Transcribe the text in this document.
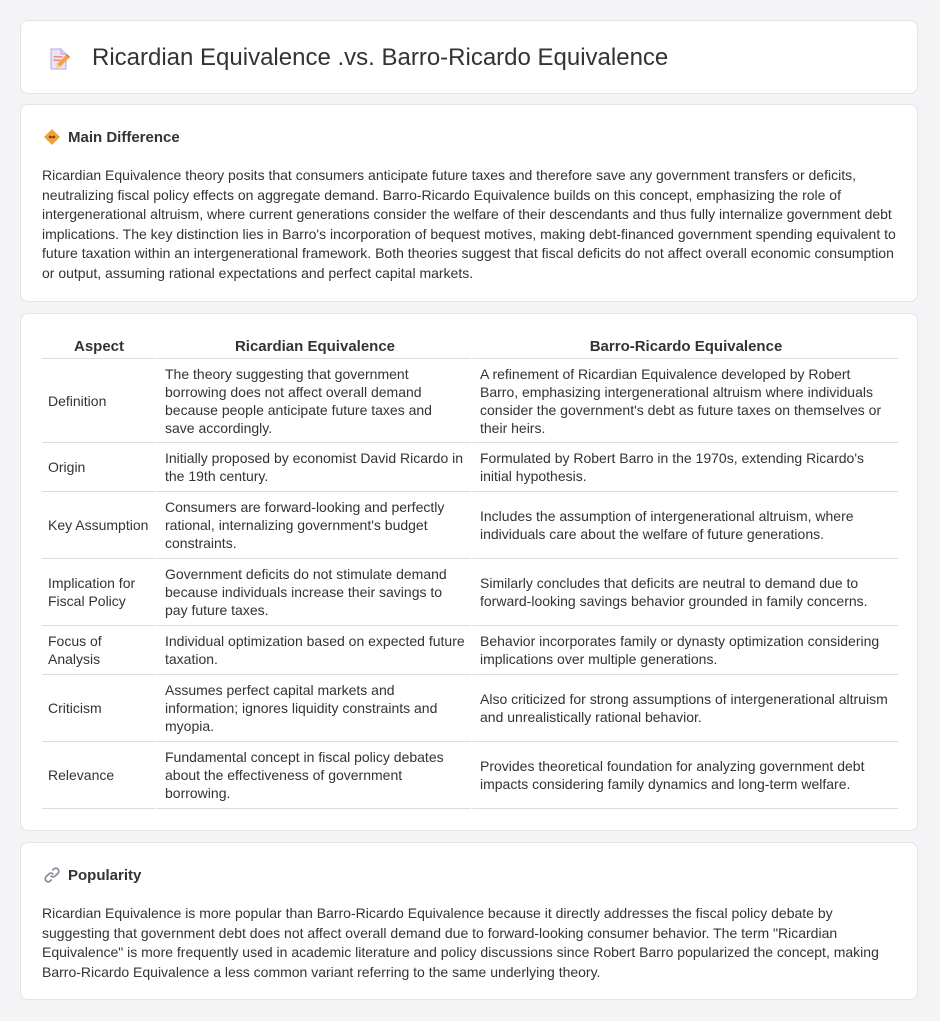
Ricardian Equivalence .vs. Barro-Ricardo Equivalence
Main Difference

Ricardian Equivalence theory posits that consumers anticipate future taxes and therefore save any government transfers or deficits, neutralizing fiscal policy effects on aggregate demand. Barro-Ricardo Equivalence builds on this concept, emphasizing the role of intergenerational altruism, where current generations consider the welfare of their descendants and thus fully internalize government debt implications. The key distinction lies in Barro's incorporation of bequest motives, making debt-financed government spending equivalent to future taxation within an intergenerational framework. Both theories suggest that fiscal deficits do not affect overall economic consumption or output, assuming rational expectations and perfect capital markets.

Aspect	Ricardian Equivalence	Barro-Ricardo Equivalence
Definition	The theory suggesting that government borrowing does not affect overall demand because people anticipate future taxes and save accordingly.	A refinement of Ricardian Equivalence developed by Robert Barro, emphasizing intergenerational altruism where individuals consider the government's debt as future taxes on themselves or their heirs.
Origin	Initially proposed by economist David Ricardo in the 19th century.	Formulated by Robert Barro in the 1970s, extending Ricardo's initial hypothesis.
Key Assumption	Consumers are forward-looking and perfectly rational, internalizing government's budget constraints.	Includes the assumption of intergenerational altruism, where individuals care about the welfare of future generations.
Implication for Fiscal Policy	Government deficits do not stimulate demand because individuals increase their savings to pay future taxes.	Similarly concludes that deficits are neutral to demand due to forward-looking savings behavior grounded in family concerns.
Focus of Analysis	Individual optimization based on expected future taxation.	Behavior incorporates family or dynasty optimization considering implications over multiple generations.
Criticism	Assumes perfect capital markets and information; ignores liquidity constraints and myopia.	Also criticized for strong assumptions of intergenerational altruism and unrealistically rational behavior.
Relevance	Fundamental concept in fiscal policy debates about the effectiveness of government borrowing.	Provides theoretical foundation for analyzing government debt impacts considering family dynamics and long-term welfare.
Popularity

Ricardian Equivalence is more popular than Barro-Ricardo Equivalence because it directly addresses the fiscal policy debate by suggesting that government debt does not affect overall demand due to forward-looking consumer behavior. The term "Ricardian Equivalence" is more frequently used in academic literature and policy discussions since Robert Barro popularized the concept, making Barro-Ricardo Equivalence a less common variant referring to the same underlying theory.
